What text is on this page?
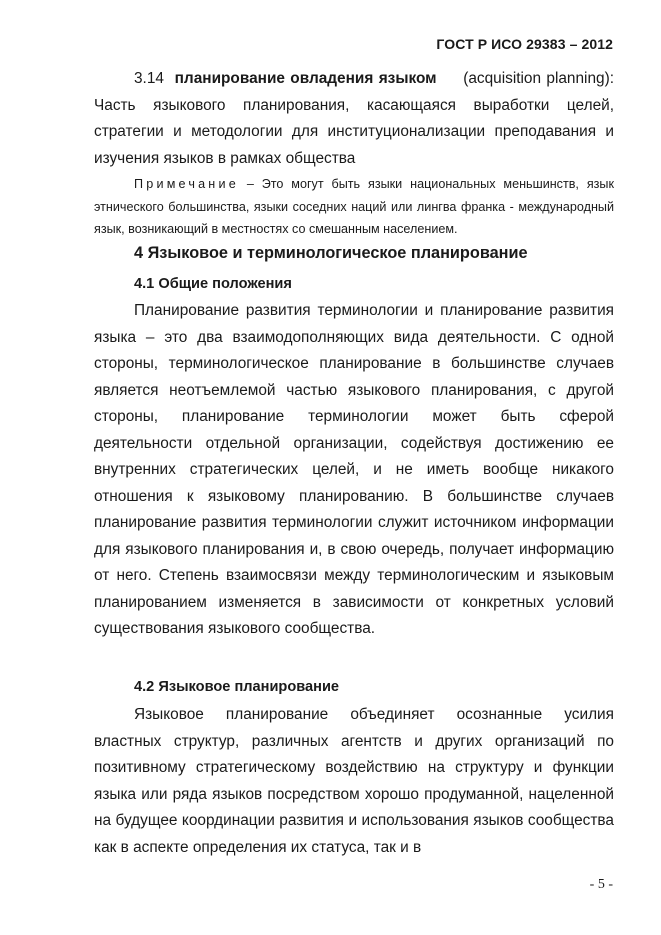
ГОСТ Р ИСО 29383 – 2012

3.14 планирование овладения языком (acquisition planning): Часть языкового планирования, касающаяся выработки целей, стратегии и методологии для институционализации преподавания и изучения языков в рамках общества

Примечание – Это могут быть языки национальных меньшинств, язык этнического большинства, языки соседних наций или лингва франка - международный язык, возникающий в местностях со смешанным населением.

4 Языковое и терминологическое планирование
4.1 Общие положения

Планирование развития терминологии и планирование развития языка – это два взаимодополняющих вида деятельности. С одной стороны, терминологическое планирование в большинстве случаев является неотъемлемой частью языкового планирования, с другой стороны, планирование терминологии может быть сферой деятельности отдельной организации, содействуя достижению ее внутренних стратегических целей, и не иметь вообще никакого отношения к языковому планированию. В большинстве случаев планирование развития терминологии служит источником информации для языкового планирования и, в свою очередь, получает информацию от него. Степень взаимосвязи между терминологическим и языковым планированием изменяется в зависимости от конкретных условий существования языкового сообщества.

4.2 Языковое планирование

Языковое планирование объединяет осознанные усилия властных структур, различных агентств и других организаций по позитивному стратегическому воздействию на структуру и функции языка или ряда языков посредством хорошо продуманной, нацеленной на будущее координации развития и использования языков сообщества как в аспекте определения их статуса, так и в

- 5 -
